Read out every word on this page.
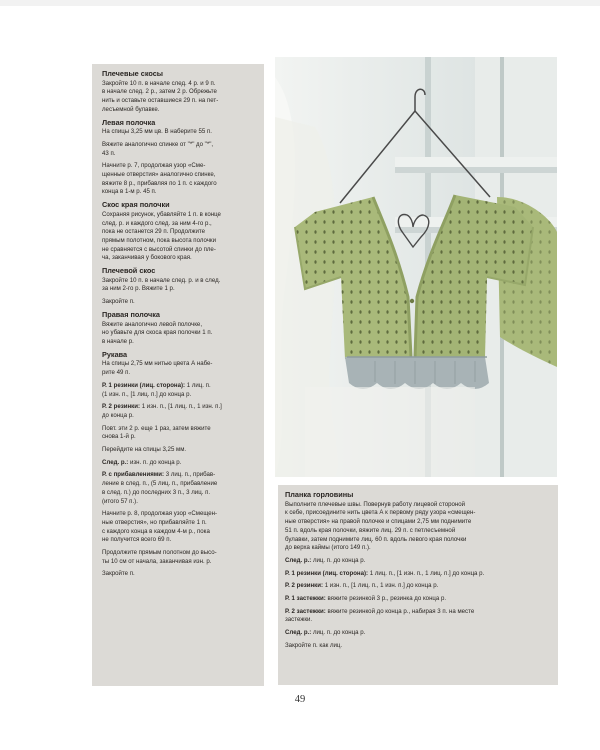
Плечевые скосы
Закройте 10 п. в начале след. 4 р. и 9 п.
в начале след. 2 р., затем 2 р. Обрежьте
нить и оставьте оставшиеся 29 п. на пет-
лесъемной булавке.
Левая полочка
На спицы 3,25 мм цв. В наберите 55 п.
Вяжите аналогично спинке от "*" до "*",
43 п.
Начните р. 7, продолжая узор «Сме-
щенные отверстия» аналогично спинке,
вяжите 8 р., прибавляя по 1 п. с каждого
конца в 1-м р. 45 п.
Скос края полочки
Сохраняя рисунок, убавляйте 1 п. в конце
след. р. и каждого след. за ним 4-го р.,
пока не останется 29 п. Продолжите
прямым полотном, пока высота полочки
не сравняется с высотой спинки до пле-
ча, заканчивая у бокового края.
Плечевой скос
Закройте 10 п. в начале след. р. и в след.
за ним 2-го р. Вяжите 1 р.
Закройте п.
Правая полочка
Вяжите аналогично левой полочке,
но убавьте для скоса края полочки 1 п.
в начале р.
Рукава
На спицы 2,75 мм нитью цвета А набе-
рите 49 п.
Р. 1 резинки (лиц. сторона): 1 лиц. п.
(1 изн. п., [1 лиц. п.] до конца р.
Р. 2 резинки: 1 изн. п., [1 лиц. п., 1 изн. п.]
до конца р.
Повт. эти 2 р. еще 1 раз, затем вяжите
снова 1-й р.
Перейдите на спицы 3,25 мм.
След. р.: изн. п. до конца р.
Р. с прибавлениями: 3 лиц. п., прибав-
ление в след. п., (5 лиц. п., прибавление
в след. п.) до последних 3 п., 3 лиц. п.
(итого 57 п.).
Начните р. 8, продолжая узор «Смещен-
ные отверстия», но прибавляйте 1 п.
с каждого конца в каждом 4-м р., пока
не получится всего 69 п.
Продолжите прямым полотном до высо-
ты 10 см от начала, заканчивая изн. р.
Закройте п.
Планка горловины
Выполните плечевые швы. Повернув работу лицевой стороной
к себе, присоедините нить цвета А к первому ряду узора «смещен-
ные отверстия» на правой полочке и спицами 2,75 мм поднимите
51 п. вдоль края полочки, вяжите лиц. 29 п. с петлесъемной
булавки, затем поднимите лиц. 60 п. вдоль левого края полочки
до верха каймы (итого 149 п.).
След. р.: лиц. п. до конца р.
Р. 1 резинки (лиц. сторона): 1 лиц. п., [1 изн. п., 1 лиц. п.] до конца р.
Р. 2 резинки: 1 изн. п., [1 лиц. п., 1 изн. п.] до конца р.
Р. 1 застежки: вяжите резинкой 3 р., резинка до конца р.
Р. 2 застежки: вяжите резинкой до конца р., набирая 3 п. на месте
застежки.
След. р.: лиц. п. до конца р.
Закройте п. как лиц.
49
